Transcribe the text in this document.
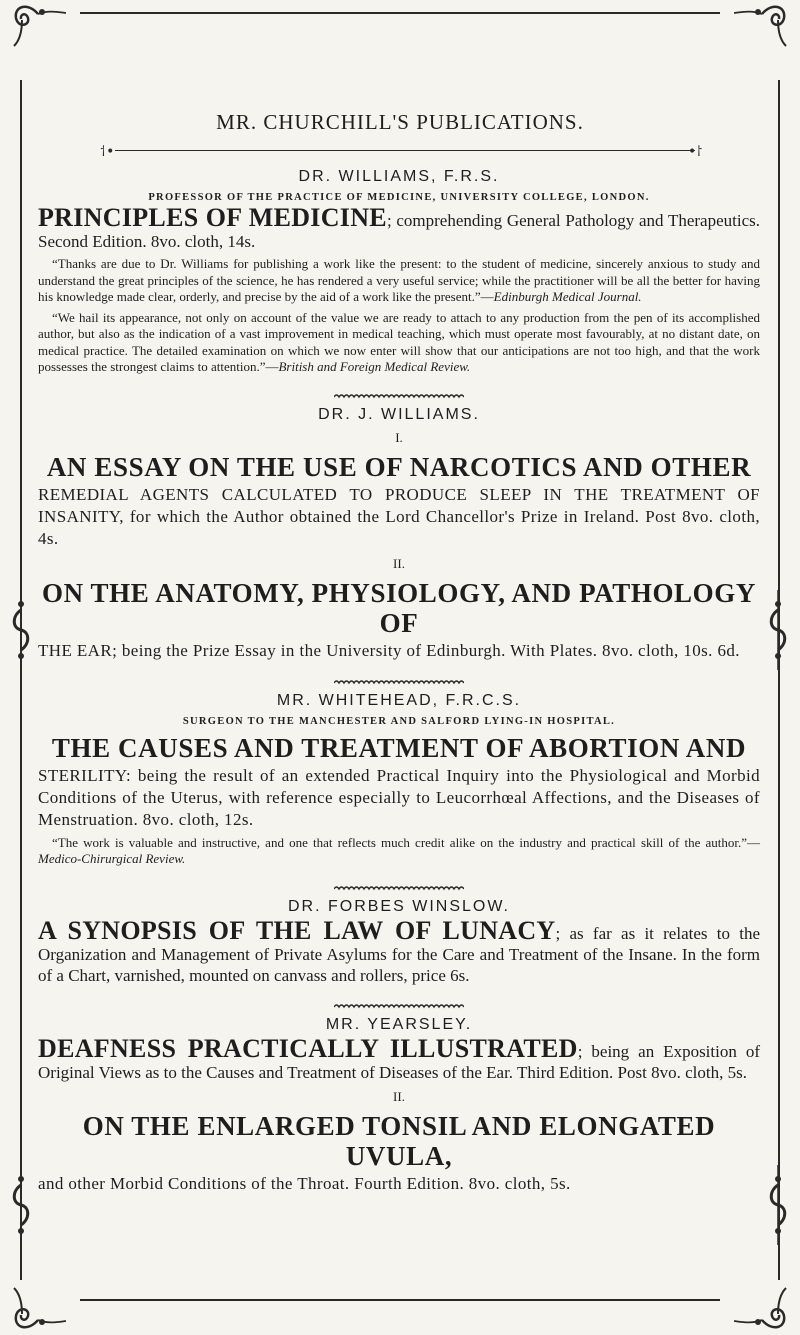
⸶•	•⸷
MR. CHURCHILL'S PUBLICATIONS.

DR. WILLIAMS, F.R.S.

PROFESSOR OF THE PRACTICE OF MEDICINE, UNIVERSITY COLLEGE, LONDON.

PRINCIPLES OF MEDICINE; comprehending General Pathology and Therapeutics. Second Edition. 8vo. cloth, 14s.

“Thanks are due to Dr. Williams for publishing a work like the present: to the student of medicine, sincerely anxious to study and understand the great principles of the science, he has rendered a very useful service; while the practitioner will be all the better for having his knowledge made clear, orderly, and precise by the aid of a work like the present.”—Edinburgh Medical Journal.

“We hail its appearance, not only on account of the value we are ready to attach to any production from the pen of its accomplished author, but also as the indication of a vast improvement in medical teaching, which must operate most favourably, at no distant date, on medical practice. The detailed examination on which we now enter will show that our anticipations are not too high, and that the work possesses the strongest claims to attention.”—British and Foreign Medical Review.

DR. J. WILLIAMS.

I.

AN ESSAY ON THE USE OF NARCOTICS AND OTHER

REMEDIAL AGENTS CALCULATED TO PRODUCE SLEEP IN THE TREATMENT OF INSANITY, for which the Author obtained the Lord Chancellor's Prize in Ireland. Post 8vo. cloth, 4s.

II.

ON THE ANATOMY, PHYSIOLOGY, AND PATHOLOGY OF

THE EAR; being the Prize Essay in the University of Edinburgh. With Plates. 8vo. cloth, 10s. 6d.

MR. WHITEHEAD, F.R.C.S.

SURGEON TO THE MANCHESTER AND SALFORD LYING-IN HOSPITAL.

THE CAUSES AND TREATMENT OF ABORTION AND

STERILITY: being the result of an extended Practical Inquiry into the Physiological and Morbid Conditions of the Uterus, with reference especially to Leucorrhœal Affections, and the Diseases of Menstruation. 8vo. cloth, 12s.

“The work is valuable and instructive, and one that reflects much credit alike on the industry and practical skill of the author.”—Medico-Chirurgical Review.

DR. FORBES WINSLOW.

A SYNOPSIS OF THE LAW OF LUNACY; as far as it relates to the Organization and Management of Private Asylums for the Care and Treatment of the Insane. In the form of a Chart, varnished, mounted on canvass and rollers, price 6s.

MR. YEARSLEY.

DEAFNESS PRACTICALLY ILLUSTRATED; being an Exposition of Original Views as to the Causes and Treatment of Diseases of the Ear. Third Edition. Post 8vo. cloth, 5s.

II.

ON THE ENLARGED TONSIL AND ELONGATED UVULA,

and other Morbid Conditions of the Throat. Fourth Edition. 8vo. cloth, 5s.
